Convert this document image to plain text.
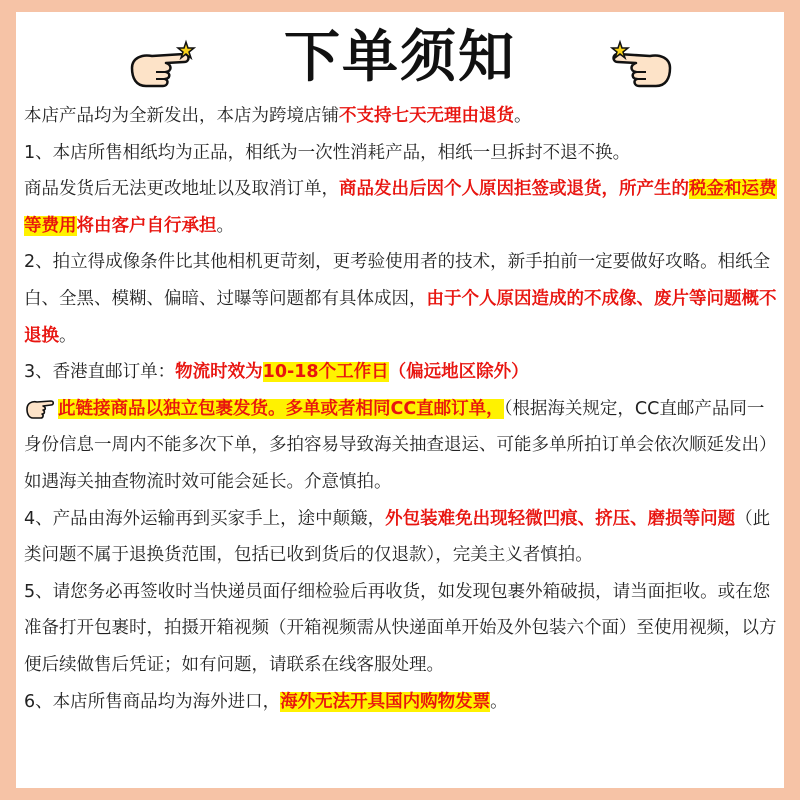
下单须知

本店产品均为全新发出，本店为跨境店铺不支持七天无理由退货。

1、本店所售相纸均为正品，相纸为一次性消耗产品，相纸一旦拆封不退不换。
商品发货后无法更改地址以及取消订单，商品发出后因个人原因拒签或退货，所产生的税金和运费等费用将由客户自行承担。

2、拍立得成像条件比其他相机更苛刻，更考验使用者的技术，新手拍前一定要做好攻略。相纸全白、全黑、模糊、偏暗、过曝等问题都有具体成因，由于个人原因造成的不成像、废片等问题概不退换。

3、香港直邮订单：物流时效为10-18个工作日（偏远地区除外）
此链接商品以独立包裹发货。多单或者相同CC直邮订单，（根据海关规定，CC直邮产品同一身份信息一周内不能多次下单，多拍容易导致海关抽查退运、可能多单所拍订单会依次顺延发出）如遇海关抽查物流时效可能会延长。介意慎拍。

4、产品由海外运输再到买家手上，途中颠簸，外包装难免出现轻微凹痕、挤压、磨损等问题（此类问题不属于退换货范围，包括已收到货后的仅退款），完美主义者慎拍。

5、请您务必再签收时当快递员面仔细检验后再收货，如发现包裹外箱破损，请当面拒收。或在您准备打开包裹时，拍摄开箱视频（开箱视频需从快递面单开始及外包装六个面）至使用视频，以方便后续做售后凭证；如有问题，请联系在线客服处理。

6、本店所售商品均为海外进口，海外无法开具国内购物发票。
